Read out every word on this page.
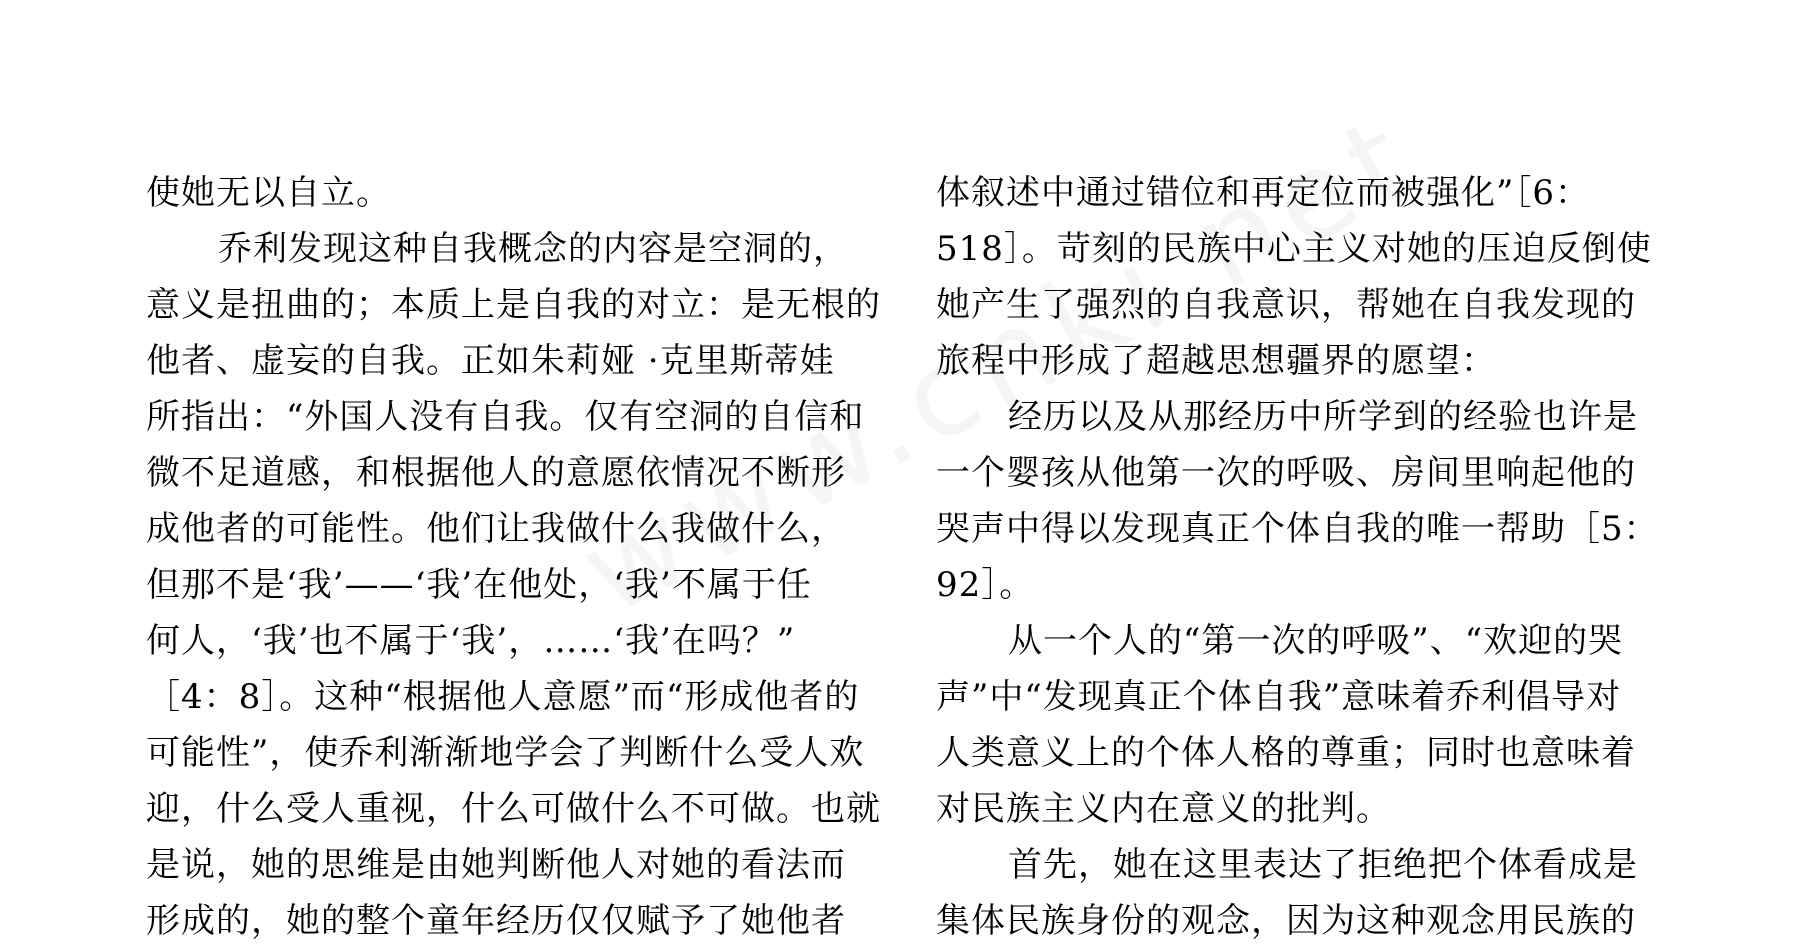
使她无以自立。
乔利发现这种自我概念的内容是空洞的，
意义是扭曲的；本质上是自我的对立：是无根的
他者、虚妄的自我。正如朱莉娅 ·克里斯蒂娃
所指出：“外国人没有自我。仅有空洞的自信和
微不足道感，和根据他人的意愿依情况不断形
成他者的可能性。他们让我做什么我做什么，
但那不是‘我’——‘我’在他处，‘我’不属于任
何人，‘我’也不属于‘我’，……‘我’在吗？”
［4：8］。这种“根据他人意愿”而“形成他者的
可能性”，使乔利渐渐地学会了判断什么受人欢
迎，什么受人重视，什么可做什么不可做。也就
是说，她的思维是由她判断他人对她的看法而
形成的，她的整个童年经历仅仅赋予了她他者
体叙述中通过错位和再定位而被强化”［6：
518］。苛刻的民族中心主义对她的压迫反倒使
她产生了强烈的自我意识，帮她在自我发现的
旅程中形成了超越思想疆界的愿望：
经历以及从那经历中所学到的经验也许是
一个婴孩从他第一次的呼吸、房间里响起他的
哭声中得以发现真正个体自我的唯一帮助［5：
92］。
从一个人的“第一次的呼吸”、“欢迎的哭
声”中“发现真正个体自我”意味着乔利倡导对
人类意义上的个体人格的尊重；同时也意味着
对民族主义内在意义的批判。
首先，她在这里表达了拒绝把个体看成是
集体民族身份的观念，因为这种观念用民族的
